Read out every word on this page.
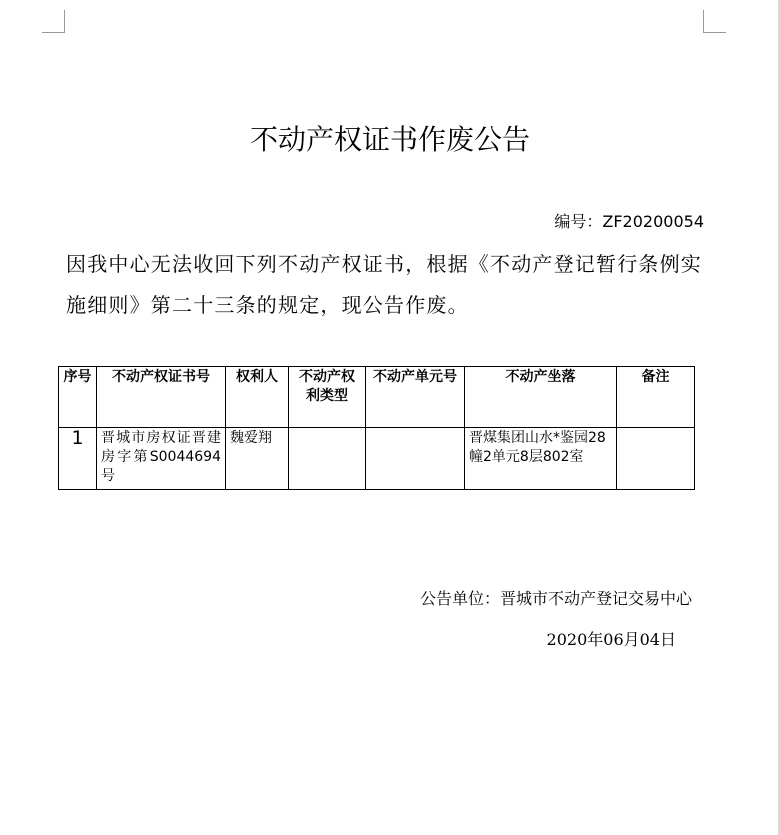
不动产权证书作废公告
编号：ZF20200054
因我中心无法收回下列不动产权证书，根据《不动产登记暂行条例实施细则》第二十三条的规定，现公告作废。
序号	不动产权证书号	权利人	不动产权利类型	不动产单元号	不动产坐落	备注
1	晋城市房权证晋建房字第S0044694号	魏爱翔			晋煤集团山水*鉴园28幢2单元8层802室	
公告单位：晋城市不动产登记交易中心
2020年06月04日
